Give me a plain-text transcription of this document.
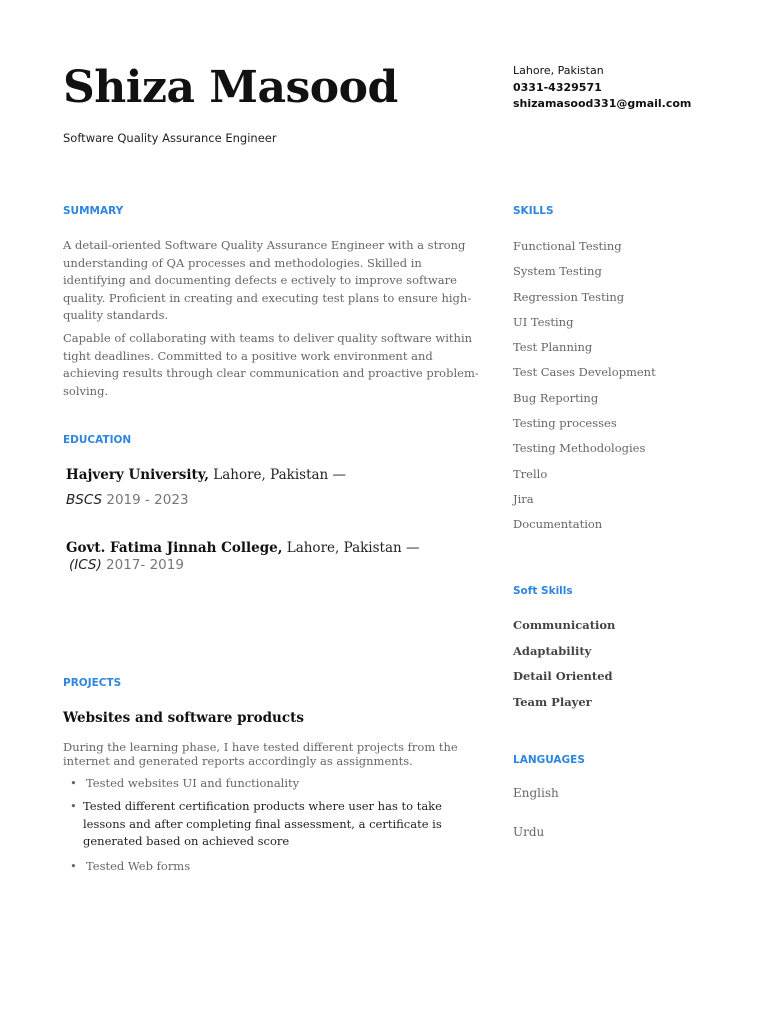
Shiza Masood
Software Quality Assurance Engineer
Lahore, Pakistan
0331-4329571
shizamasood331@gmail.com
SUMMARY
A detail-oriented Software Quality Assurance Engineer with a strong understanding of QA processes and methodologies. Skilled in identifying and documenting defects e ectively to improve software quality. Proficient in creating and executing test plans to ensure high-quality standards.
Capable of collaborating with teams to deliver quality software within tight deadlines. Committed to a positive work environment and achieving results through clear communication and proactive problem-solving.
EDUCATION
Hajvery University, Lahore, Pakistan —
BSCS 2019 - 2023
Govt. Fatima Jinnah College, Lahore, Pakistan —
(ICS) 2017- 2019
PROJECTS
Websites and software products
During the learning phase, I have tested different projects from the internet and generated reports accordingly as assignments.
• Tested websites UI and functionality
• Tested different certification products where user has to take lessons and after completing final assessment, a certificate is generated based on achieved score
• Tested Web forms
SKILLS
Functional Testing
System Testing
Regression Testing
UI Testing
Test Planning
Test Cases Development
Bug Reporting
Testing processes
Testing Methodologies
Trello
Jira
Documentation
Soft Skills
Communication
Adaptability
Detail Oriented
Team Player
LANGUAGES
English
Urdu
